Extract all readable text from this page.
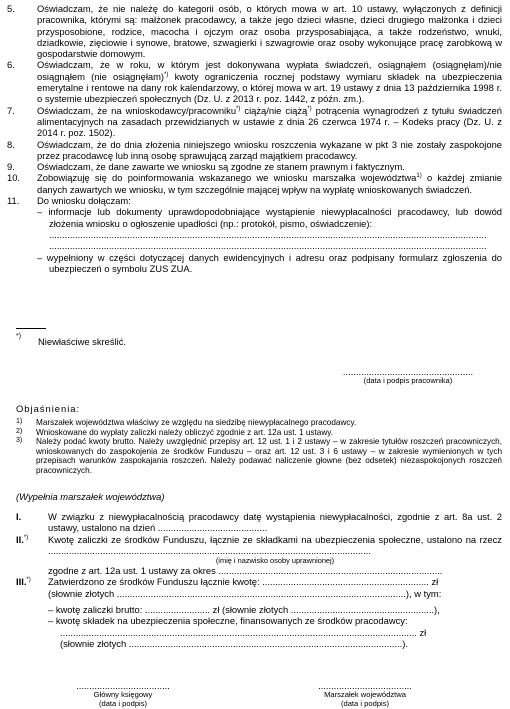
5. Oświadczam, że nie należę do kategorii osób, o których mowa w art. 10 ustawy, wyłączonych z definicji pracownika, którymi są: małżonek pracodawcy, a także jego dzieci własne, dzieci drugiego małżonka i dzieci przysposobione, rodzice, macocha i ojczym oraz osoba przysposabiająca, a także rodzeństwo, wnuki, dziadkowie, zięciowie i synowe, bratowe, szwagierki i szwagrowie oraz osoby wykonujące pracę zarobkową w gospodarstwie domowym.
6. Oświadczam, że w roku, w którym jest dokonywana wypłata świadczeń, osiągnąłem (osiągnęłam)/nie osiągnąłem (nie osiągnęłam)*) kwoty ograniczenia rocznej podstawy wymiaru składek na ubezpieczenia emerytalne i rentowe na dany rok kalendarzowy, o której mowa w art. 19 ustawy z dnia 13 października 1998 r. o systemie ubezpieczeń społecznych (Dz. U. z 2013 r. poz. 1442, z późn. zm.).
7. Oświadczam, że na wnioskodawcy/pracowniku*) ciążą/nie ciążą*) potrącenia wynagrodzeń z tytułu świadczeń alimentacyjnych na zasadach przewidzianych w ustawie z dnia 26 czerwca 1974 r. – Kodeks pracy (Dz. U. z 2014 r. poz. 1502).
8. Oświadczam, że do dnia złożenia niniejszego wniosku roszczenia wykazane w pkt 3 nie zostały zaspokojone przez pracodawcę lub inną osobę sprawującą zarząd majątkiem pracodawcy.
9. Oświadczam, że dane zawarte we wniosku są zgodne ze stanem prawnym i faktycznym.
10. Zobowiązuję się do poinformowania wskazanego we wniosku marszałka województwa$^{1)}$ o każdej zmianie danych zawartych we wniosku, w tym szczególnie mającej wpływ na wypłatę wnioskowanych świadczeń.
11. Do wniosku dołączam:
– informacje lub dokumenty uprawdopodobniające wystąpienie niewypłacalności pracodawcy, lub dowód złożenia wniosku o ogłoszenie upadłości (np.: protokół, pismo, oświadczenie):
........................................................................................................................................................................
........................................................................................................................................................................
– wypełniony w części dotyczącej danych ewidencyjnych i adresu oraz podpisany formularz zgłoszenia do ubezpieczeń o symbolu ZUS ZUA.
*) Niewłaściwe skreślić.
..................................................
(data i podpis pracownika)
Objaśnienia:
1) Marszałek województwa właściwy ze względu na siedzibę niewypłacalnego pracodawcy.
2) Wnioskowane do wypłaty zaliczki należy obliczyć zgodnie z art. 12a ust. 1 ustawy.
3) Należy podać kwoty brutto. Należy uwzględnić przepisy art. 12 ust. 1 i 2 ustawy – w zakresie tytułów roszczeń pracowniczych, wnioskowanych do zaspokojenia ze środków Funduszu – oraz art. 12 ust. 3 i 6 ustawy – w zakresie wymienionych w tych przepisach warunków zaspokajania roszczeń. Należy podawać naliczenie głowne (bez odsetek) niezaspokojonych roszczeń pracowniczych.
(Wypełnia marszałek województwa)
I.	W związku z niewypłacalnością pracodawcy datę wystąpienia niewypłacalności, zgodnie z art. 8a ust. 2 ustawy, ustalono na dzień ..........................................
II.*) Kwotę zaliczki ze środków Funduszu, łącznie ze składkami na ubezpieczenia społeczne, ustalono na rzecz ............................................................................................................................
(imię i nazwisko osoby uprawnionej)
zgodne z art. 12a ust. 1 ustawy za okres ......................................................................................
III.*) Zatwierdzono ze środków Funduszu łącznie kwotę: ................................................................ zł
(słownie złotych ...............................................................................................................), w tym:
– kwotę zaliczki brutto: ......................... zł (słownie złotych .......................................................),
– kwotę składek na ubezpieczenia społeczne, finansowanych ze środków pracodawcy:
......................................................................................................................................... zł
(słownie złotych .........................................................................................................).
....................................
Główny księgowy
(data i podpis)
....................................
Marszałek województwa
(data i podpis)
